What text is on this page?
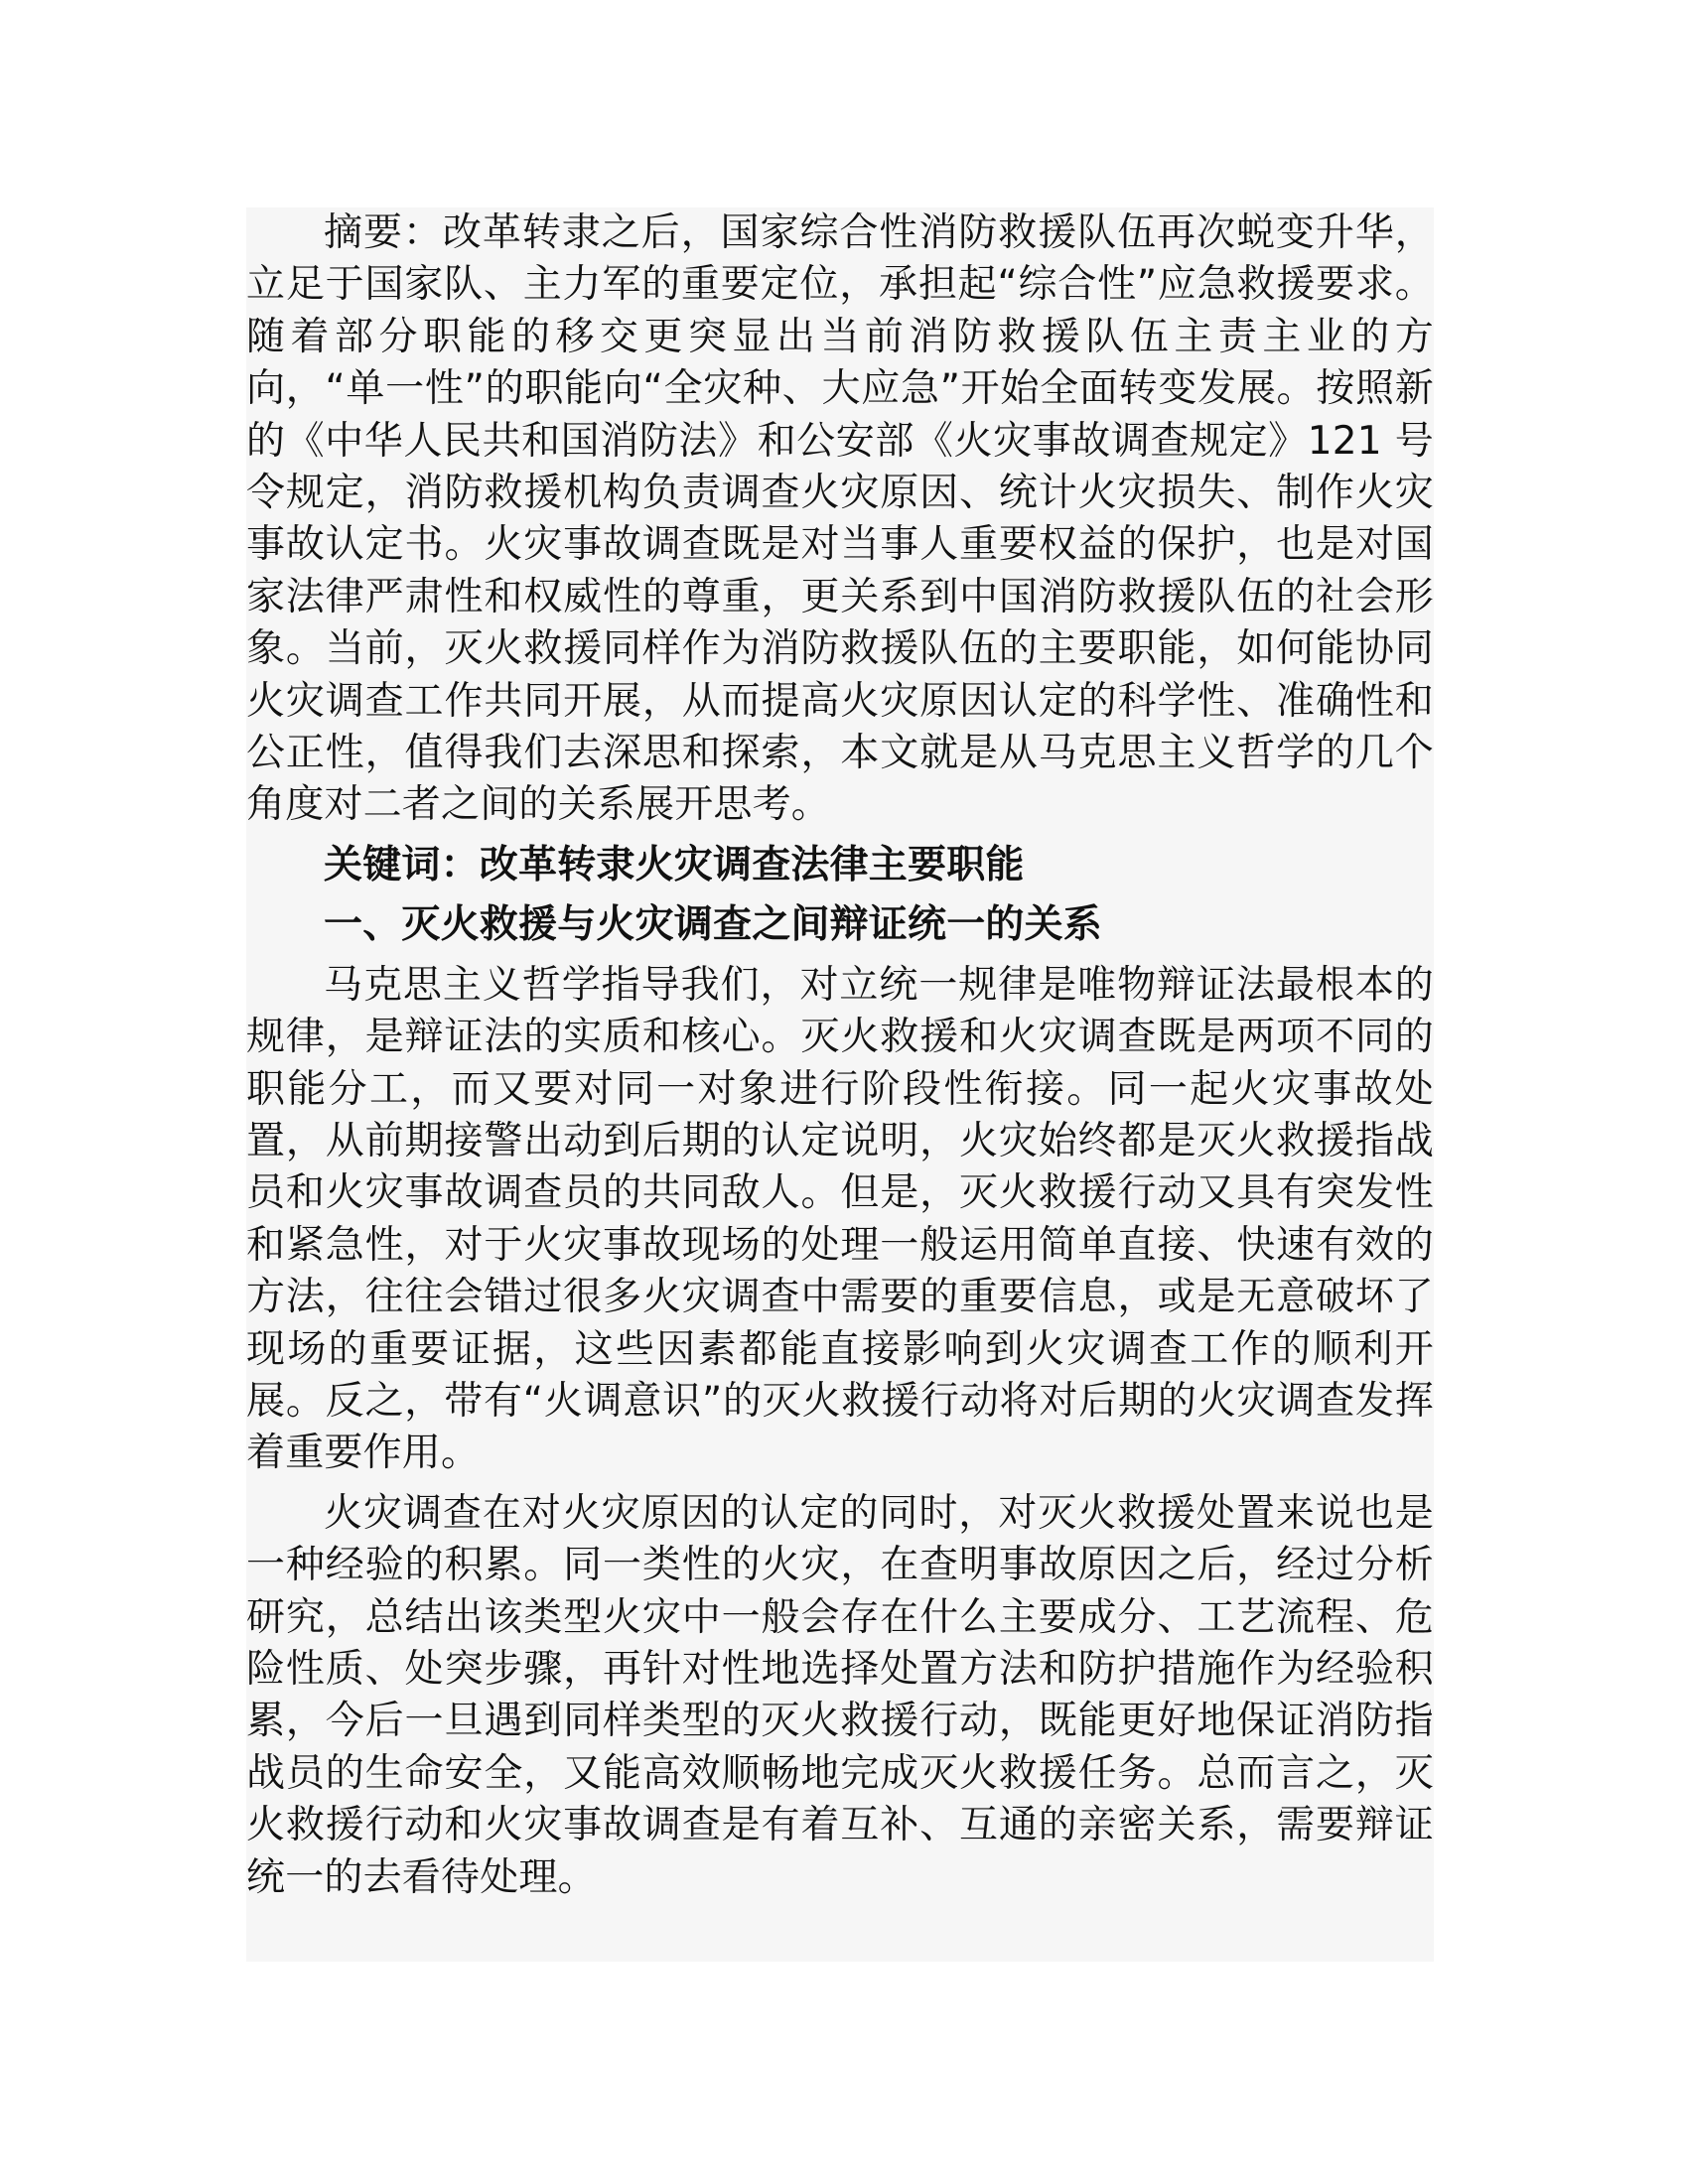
摘要：改革转隶之后，国家综合性消防救援队伍再次蜕变升华，立足于国家队、主力军的重要定位，承担起“综合性”应急救援要求。随着部分职能的移交更突显出当前消防救援队伍主责主业的方向，“单一性”的职能向“全灾种、大应急”开始全面转变发展。按照新的《中华人民共和国消防法》和公安部《火灾事故调查规定》121 号令规定，消防救援机构负责调查火灾原因、统计火灾损失、制作火灾事故认定书。火灾事故调查既是对当事人重要权益的保护，也是对国家法律严肃性和权威性的尊重，更关系到中国消防救援队伍的社会形象。当前，灭火救援同样作为消防救援队伍的主要职能，如何能协同火灾调查工作共同开展，从而提高火灾原因认定的科学性、准确性和公正性，值得我们去深思和探索，本文就是从马克思主义哲学的几个角度对二者之间的关系展开思考。

关键词：改革转隶火灾调查法律主要职能

一、灭火救援与火灾调查之间辩证统一的关系

马克思主义哲学指导我们，对立统一规律是唯物辩证法最根本的规律，是辩证法的实质和核心。灭火救援和火灾调查既是两项不同的职能分工，而又要对同一对象进行阶段性衔接。同一起火灾事故处置，从前期接警出动到后期的认定说明，火灾始终都是灭火救援指战员和火灾事故调查员的共同敌人。但是，灭火救援行动又具有突发性和紧急性，对于火灾事故现场的处理一般运用简单直接、快速有效的方法，往往会错过很多火灾调查中需要的重要信息，或是无意破坏了现场的重要证据，这些因素都能直接影响到火灾调查工作的顺利开展。反之，带有“火调意识”的灭火救援行动将对后期的火灾调查发挥着重要作用。

火灾调查在对火灾原因的认定的同时，对灭火救援处置来说也是一种经验的积累。同一类性的火灾，在查明事故原因之后，经过分析研究，总结出该类型火灾中一般会存在什么主要成分、工艺流程、危险性质、处突步骤，再针对性地选择处置方法和防护措施作为经验积累，今后一旦遇到同样类型的灭火救援行动，既能更好地保证消防指战员的生命安全，又能高效顺畅地完成灭火救援任务。总而言之，灭火救援行动和火灾事故调查是有着互补、互通的亲密关系，需要辩证统一的去看待处理。
